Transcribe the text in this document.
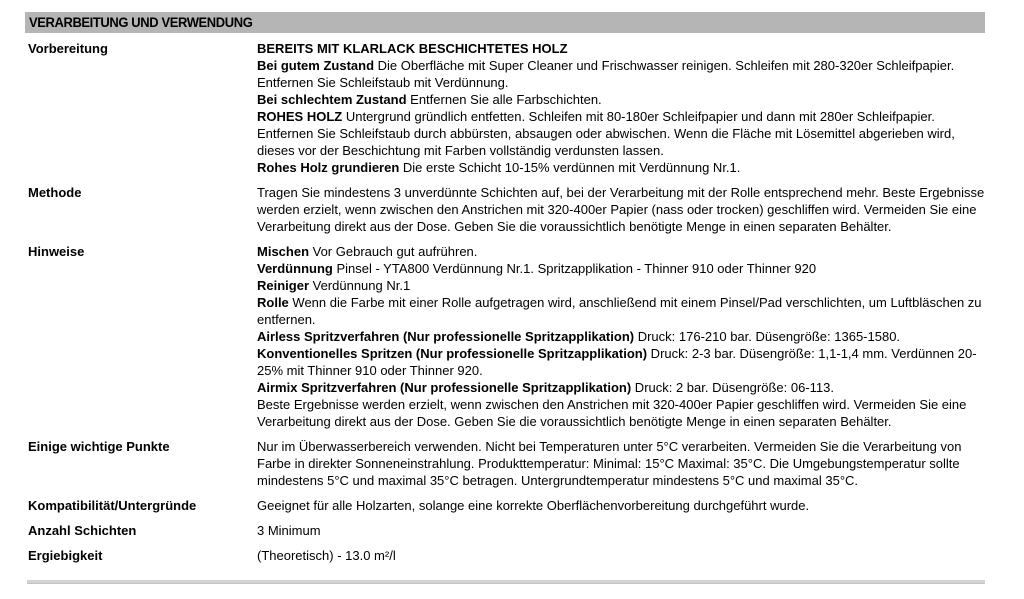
VERARBEITUNG UND VERWENDUNG
Vorbereitung	BEREITS MIT KLARLACK BESCHICHTETES HOLZ
Bei gutem Zustand Die Oberfläche mit Super Cleaner und Frischwasser reinigen. Schleifen mit 280-320er Schleifpapier. Entfernen Sie Schleifstaub mit Verdünnung.
Bei schlechtem Zustand Entfernen Sie alle Farbschichten.
ROHES HOLZ Untergrund gründlich entfetten. Schleifen mit 80-180er Schleifpapier und dann mit 280er Schleifpapier. Entfernen Sie Schleifstaub durch abbürsten, absaugen oder abwischen. Wenn die Fläche mit Lösemittel abgerieben wird, dieses vor der Beschichtung mit Farben vollständig verdunsten lassen.
Rohes Holz grundieren Die erste Schicht 10-15% verdünnen mit Verdünnung Nr.1.
Methode	Tragen Sie mindestens 3 unverdünnte Schichten auf, bei der Verarbeitung mit der Rolle entsprechend mehr. Beste Ergebnisse werden erzielt, wenn zwischen den Anstrichen mit 320-400er Papier (nass oder trocken) geschliffen wird. Vermeiden Sie eine Verarbeitung direkt aus der Dose. Geben Sie die voraussichtlich benötigte Menge in einen separaten Behälter.
Hinweise	Mischen Vor Gebrauch gut aufrühren.
Verdünnung Pinsel - YTA800 Verdünnung Nr.1. Spritzapplikation - Thinner 910 oder Thinner 920
Reiniger Verdünnung Nr.1
Rolle Wenn die Farbe mit einer Rolle aufgetragen wird, anschließend mit einem Pinsel/Pad verschlichten, um Luftbläschen zu entfernen.
Airless Spritzverfahren (Nur professionelle Spritzapplikation) Druck: 176-210 bar. Düsengröße: 1365-1580.
Konventionelles Spritzen (Nur professionelle Spritzapplikation) Druck: 2-3 bar. Düsengröße: 1,1-1,4 mm. Verdünnen 20-25% mit Thinner 910 oder Thinner 920.
Airmix Spritzverfahren (Nur professionelle Spritzapplikation) Druck: 2 bar. Düsengröße: 06-113.
Beste Ergebnisse werden erzielt, wenn zwischen den Anstrichen mit 320-400er Papier geschliffen wird. Vermeiden Sie eine Verarbeitung direkt aus der Dose. Geben Sie die voraussichtlich benötigte Menge in einen separaten Behälter.
Einige wichtige Punkte	Nur im Überwasserbereich verwenden. Nicht bei Temperaturen unter 5°C verarbeiten. Vermeiden Sie die Verarbeitung von Farbe in direkter Sonneneinstrahlung. Produkttemperatur: Minimal: 15°C Maximal: 35°C. Die Umgebungstemperatur sollte mindestens 5°C und maximal 35°C betragen. Untergrundtemperatur mindestens 5°C und maximal 35°C.
Kompatibilität/Untergründe	Geeignet für alle Holzarten, solange eine korrekte Oberflächenvorbereitung durchgeführt wurde.
Anzahl Schichten	3 Minimum
Ergiebigkeit	(Theoretisch) - 13.0 m²/l
